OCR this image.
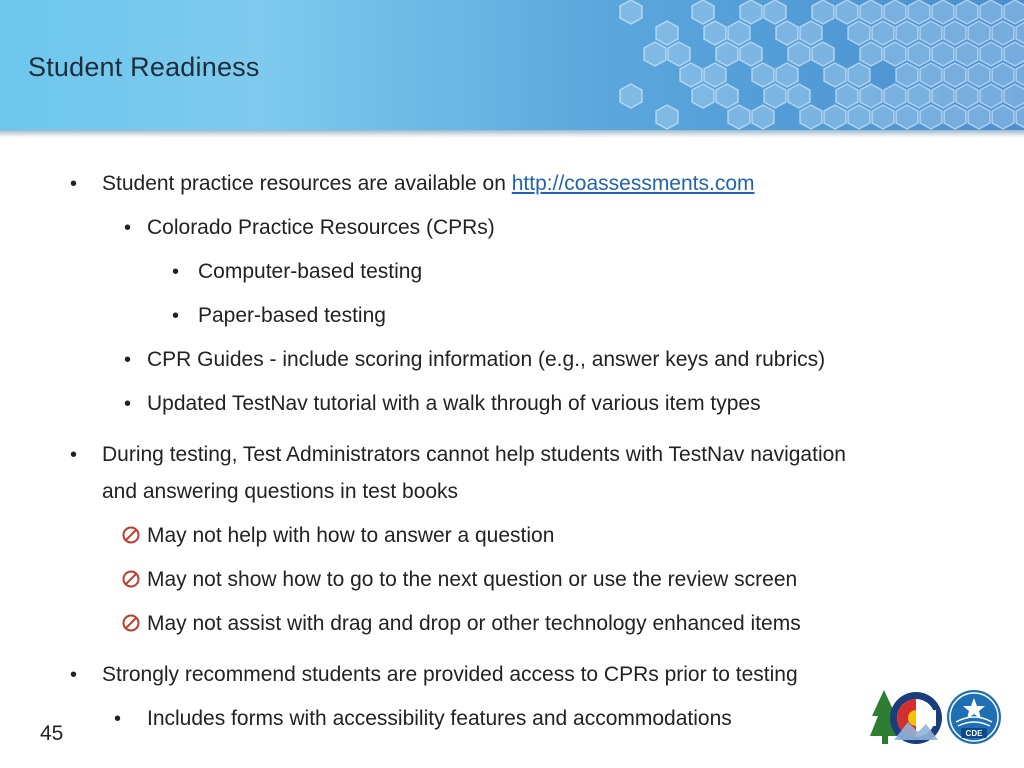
Student Readiness
• Student practice resources are available on http://coassessments.com
• Colorado Practice Resources (CPRs)
• Computer-based testing
• Paper-based testing
• CPR Guides - include scoring information (e.g., answer keys and rubrics)
• Updated TestNav tutorial with a walk through of various item types
• During testing, Test Administrators cannot help students with TestNav navigation
and answering questions in test books
May not help with how to answer a question
May not show how to go to the next question or use the review screen
May not assist with drag and drop or other technology enhanced items
• Strongly recommend students are provided access to CPRs prior to testing
• Includes forms with accessibility features and accommodations
45	CDE
